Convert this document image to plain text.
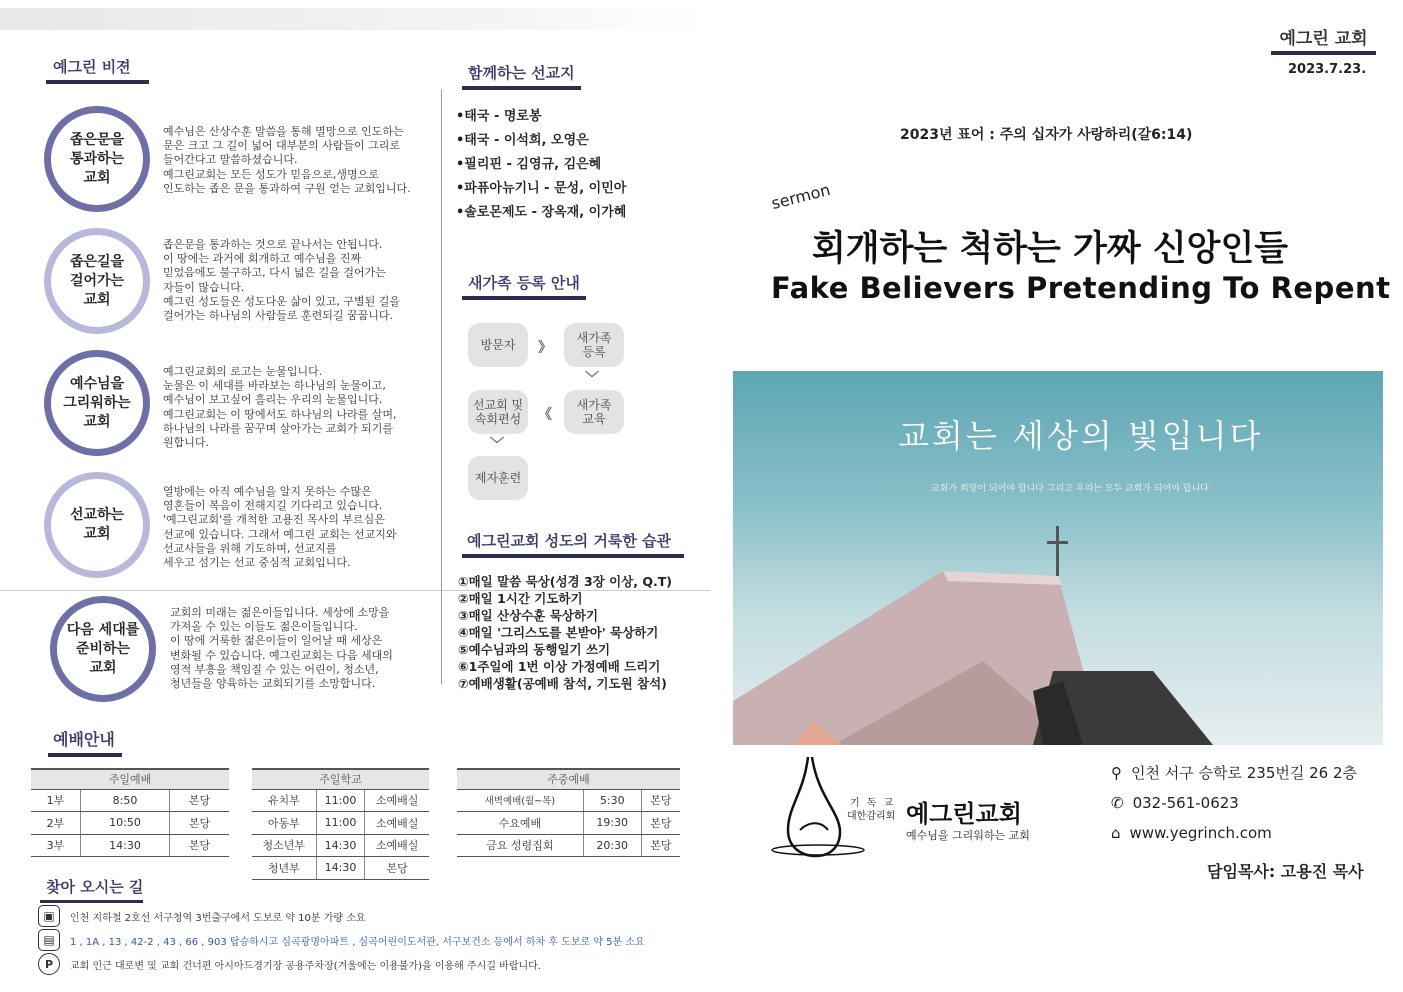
예그린 비젼
좁은문을
통과하는
교회
예수님은 산상수훈 말씀을 통해 멸망으로 인도하는
문은 크고 그 길이 넓어 대부분의 사람들이 그리로
들어간다고 말씀하셨습니다.
예그린교회는 모든 성도가 믿음으로,생명으로
인도하는 좁은 문을 통과하여 구원 얻는 교회입니다.
좁은길을
걸어가는
교회
좁은문을 통과하는 것으로 끝나서는 안됩니다.
이 땅에는 과거에 회개하고 예수님을 진짜
믿었음에도 불구하고, 다시 넓은 길을 걸어가는
자들이 많습니다.
예그린 성도들은 성도다운 삶이 있고, 구별된 길을
걸어가는 하나님의 사람들로 훈련되길 꿈꿉니다.
예수님을
그리워하는
교회
예그린교회의 로고는 눈물입니다.
눈물은 이 세대를 바라보는 하나님의 눈물이고,
예수님이 보고싶어 흘리는 우리의 눈물입니다.
예그린교회는 이 땅에서도 하나님의 나라를 살며,
하나님의 나라를 꿈꾸며 살아가는 교회가 되기를
원합니다.
선교하는
교회
열방에는 아직 예수님을 알지 못하는 수많은
영혼들이 복음이 전해지길 기다리고 있습니다.
'예그린교회'를 개척한 고용진 목사의 부르심은
선교에 있습니다. 그래서 예그린 교회는 선교지와
선교사들을 위해 기도하며, 선교지를
세우고 섬기는 선교 중심적 교회입니다.
다음 세대를
준비하는
교회
교회의 미래는 젊은이들입니다. 세상에 소망을
가져올 수 있는 이들도 젊은이들입니다.
이 땅에 거룩한 젊은이들이 일어날 때 세상은
변화될 수 있습니다. 예그린교회는 다음 세대의
영적 부흥을 책임질 수 있는 어린이, 청소년,
청년들을 양육하는 교회되기를 소망합니다.
함께하는 선교지
•태국 - 명로봉
•태국 - 이석희, 오영은
•필리핀 - 김영규, 김은혜
•파퓨아뉴기니 - 문성, 이민아
•솔로몬제도 - 장옥재, 이가혜
새가족 등록 안내
방문자	》
새가족
등록
﹀
새가족
교육
《
선교회 및
속회편성
﹀
제자훈련
예그린교회 성도의 거룩한 습관
①매일 말씀 묵상(성경 3장 이상, Q.T)
②매일 1시간 기도하기
③매일 산상수훈 묵상하기
④매일 '그리스도를 본받아' 묵상하기
⑤예수님과의 동행일기 쓰기
⑥1주일에 1번 이상 가정예배 드리기
⑦예배생활(공예배 참석, 기도원 참석)
예배안내
주일예배		
1부	8:50	본당
2부	10:50	본당
3부	14:30	본당
주일학교		
유치부	11:00	소예배실
아동부	11:00	소예배실
청소년부	14:30	소예배실
청년부	14:30	본당
주중예배		
새벽예배(월~목)	5:30	본당
수요예배	19:30	본당
금요 성령집회	20:30	본당
찾아 오시는 길
▣	인천 지하철 2호선 서구청역 3번출구에서 도보로 약 10분 가량 소요
▤	1 , 1A , 13 , 42-2 , 43 , 66 , 903 탑승하시고 심곡광명아파트 , 심곡어린이도서관, 서구보건소 등에서 하차 후 도보로 약 5분 소요
P	교회 인근 대로변 및 교회 건너편 아시아드경기장 공용주차장(겨울에는 이용불가)을 이용해 주시길 바랍니다.
예그린 교회
2023.7.23.
2023년 표어 : 주의 십자가 사랑하리(갈6:14)
sermon
회개하는 척하는 가짜 신앙인들
Fake Believers Pretending To Repent
교회는 세상의 빛입니다
교회가 희망이 되어야 합니다 그리고 우리는 모두 교회가 되어야 합니다
기 독 교
대한감리회 예그린교회
예수님을 그리워하는 교회
⚲ 인천 서구 승학로 235번길 26 2층
✆ 032-561-0623
⌂ www.yegrinch.com
담임목사: 고용진 목사
